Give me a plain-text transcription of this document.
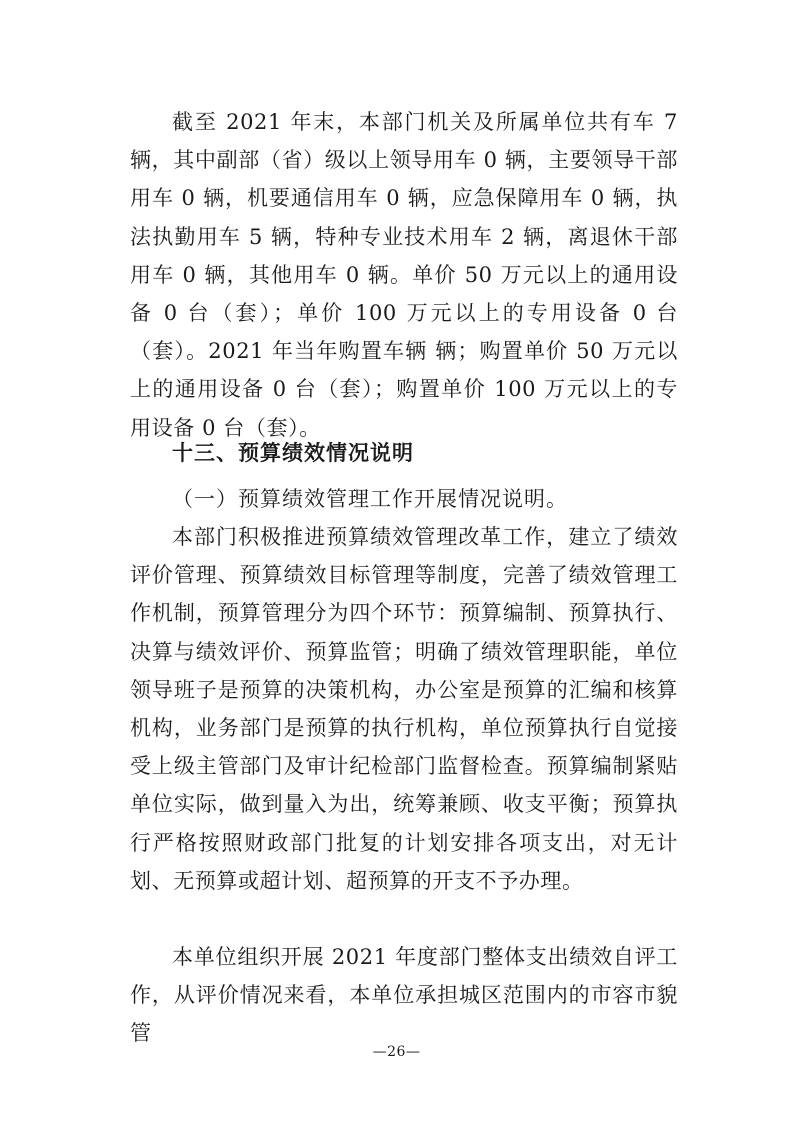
截至 2021 年末，本部门机关及所属单位共有车 7 辆，其中副部（省）级以上领导用车 0 辆，主要领导干部用车 0 辆，机要通信用车 0 辆，应急保障用车 0 辆，执法执勤用车 5 辆，特种专业技术用车 2 辆，离退休干部用车 0 辆，其他用车 0 辆。单价 50 万元以上的通用设备 0 台（套）；单价 100 万元以上的专用设备 0 台（套）。2021 年当年购置车辆 辆；购置单价 50 万元以上的通用设备 0 台（套）；购置单价 100 万元以上的专用设备 0 台（套）。

十三、预算绩效情况说明
（一）预算绩效管理工作开展情况说明。

本部门积极推进预算绩效管理改革工作，建立了绩效评价管理、预算绩效目标管理等制度，完善了绩效管理工作机制，预算管理分为四个环节：预算编制、预算执行、决算与绩效评价、预算监管；明确了绩效管理职能，单位领导班子是预算的决策机构，办公室是预算的汇编和核算机构，业务部门是预算的执行机构，单位预算执行自觉接受上级主管部门及审计纪检部门监督检查。预算编制紧贴单位实际，做到量入为出，统筹兼顾、收支平衡；预算执行严格按照财政部门批复的计划安排各项支出，对无计划、无预算或超计划、超预算的开支不予办理。

本单位组织开展 2021 年度部门整体支出绩效自评工作，从评价情况来看，本单位承担城区范围内的市容市貌管

—26—
